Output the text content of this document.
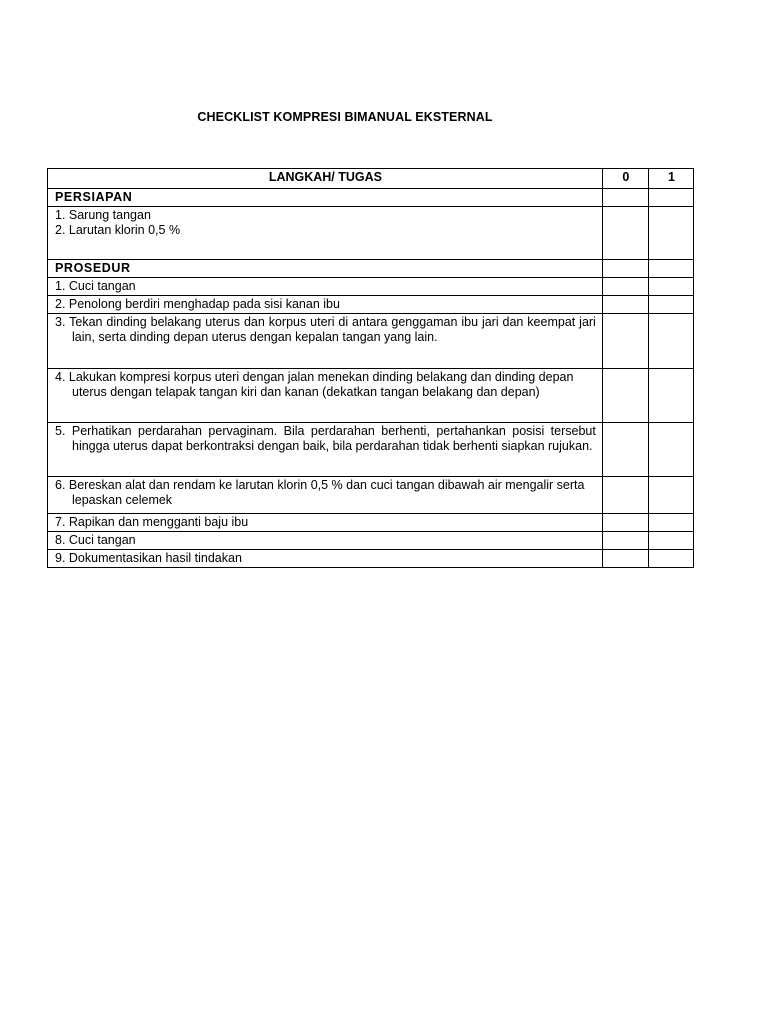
CHECKLIST KOMPRESI BIMANUAL EKSTERNAL
LANGKAH/ TUGAS	0	1
PERSIAPAN		

1. Sarung tangan
2. Larutan klorin 0,5 %		

PROSEDUR		
1. Cuci tangan		
2. Penolong berdiri menghadap pada sisi kanan ibu		

3. Tekan dinding belakang uterus dan korpus uteri di antara genggaman ibu jari dan keempat jari lain, serta dinding depan uterus dengan kepalan tangan yang lain.		

4. Lakukan kompresi korpus uteri dengan jalan menekan dinding belakang dan dinding depan uterus dengan telapak tangan kiri dan kanan (dekatkan tangan belakang dan depan)		

5. Perhatikan perdarahan pervaginam. Bila perdarahan berhenti, pertahankan posisi tersebut hingga uterus dapat berkontraksi dengan baik, bila perdarahan tidak berhenti siapkan rujukan.		

6. Bereskan alat dan rendam ke larutan klorin 0,5 % dan cuci tangan dibawah air mengalir serta lepaskan celemek		

7. Rapikan dan mengganti baju ibu		
8. Cuci tangan		
9. Dokumentasikan hasil tindakan		
